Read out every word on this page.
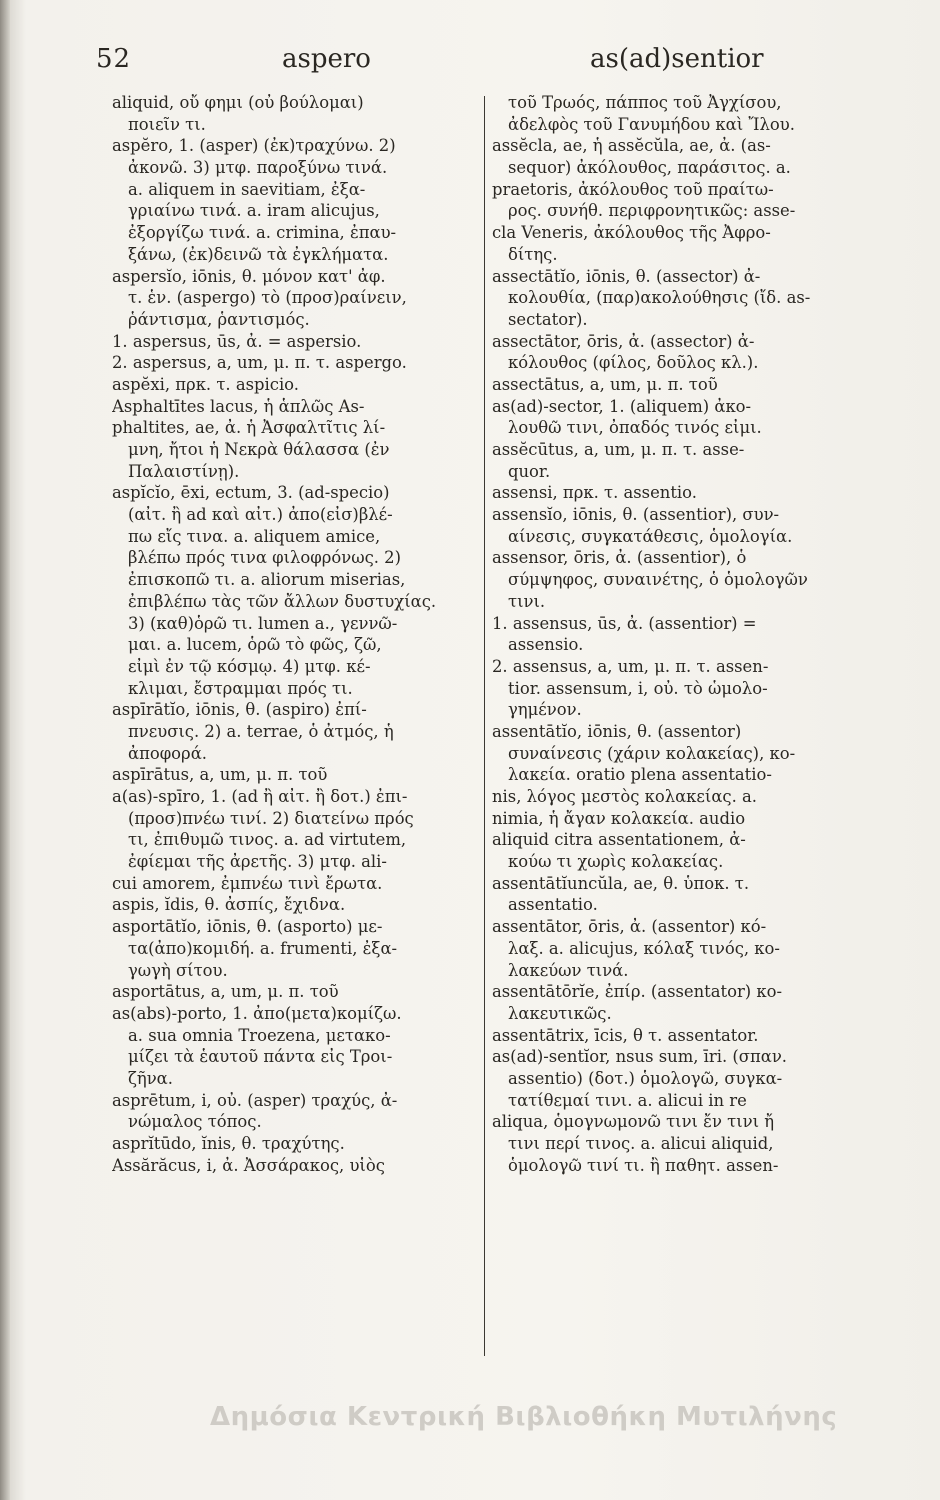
52	aspero	as(ad)sentior
aliquid, οὔ φημι (οὐ βούλομαι)
ποιεῖν τι.
aspĕro, 1. (asper) (ἐκ)τραχύνω. 2)
ἀκονῶ. 3) μτφ. παροξύνω τινά.
a. aliquem in saevitiam, ἐξα-
γριαίνω τινά. a. iram alicujus,
ἐξοργίζω τινά. a. crimina, ἐπαυ-
ξάνω, (ἐκ)δεινῶ τὰ ἐγκλήματα.
aspersĭo, iōnis, θ. μόνον κατ' ἀφ.
τ. ἑν. (aspergo) τὸ (προσ)ραίνειν,
ῥάντισμα, ῥαντισμός.
1. aspersus, ūs, ἀ. = aspersio.
2. aspersus, a, um, μ. π. τ. aspergo.
aspĕxi, πρκ. τ. aspicio.
Asphaltītes lacus, ἡ ἁπλῶς As-
phaltites, ae, ἀ. ἡ Ἀσφαλτῖτις λί-
μνη, ἤτοι ἡ Νεκρὰ θάλασσα (ἐν
Παλαιστίνῃ).
aspĭcĭo, ēxi, ectum, 3. (ad-specio)
(αἰτ. ἢ ad καὶ αἰτ.) ἀπο(εἰσ)βλέ-
πω εἴς τινα. a. aliquem amice,
βλέπω πρός τινα φιλοφρόνως. 2)
ἐπισκοπῶ τι. a. aliorum miserias,
ἐπιβλέπω τὰς τῶν ἄλλων δυστυχίας.
3) (καθ)ὁρῶ τι. lumen a., γεννῶ-
μαι. a. lucem, ὁρῶ τὸ φῶς, ζῶ,
εἰμὶ ἐν τῷ κόσμῳ. 4) μτφ. κέ-
κλιμαι, ἔστραμμαι πρός τι.
aspīrātĭo, iōnis, θ. (aspiro) ἐπί-
πνευσις. 2) a. terrae, ὁ ἀτμός, ἡ
ἀποφορά.
aspīrātus, a, um, μ. π. τοῦ
a(as)-spīro, 1. (ad ἢ αἰτ. ἢ δοτ.) ἐπι-
(προσ)πνέω τινί. 2) διατείνω πρός
τι, ἐπιθυμῶ τινος. a. ad virtutem,
ἐφίεμαι τῆς ἀρετῆς. 3) μτφ. ali-
cui amorem, ἐμπνέω τινὶ ἔρωτα.
aspis, ĭdis, θ. ἀσπίς, ἔχιδνα.
asportātĭo, iōnis, θ. (asporto) με-
τα(ἀπο)κομιδή. a. frumenti, ἐξα-
γωγὴ σίτου.
asportātus, a, um, μ. π. τοῦ
as(abs)-porto, 1. ἀπο(μετα)κομίζω.
a. sua omnia Troezena, μετακο-
μίζει τὰ ἑαυτοῦ πάντα εἰς Τροι-
ζῆνα.
asprētum, i, οὐ. (asper) τραχύς, ἀ-
νώμαλος τόπος.
asprĭtūdo, ĭnis, θ. τραχύτης.
Assărăcus, i, ἀ. Ἀσσάρακος, υἱὸς
τοῦ Τρωός, πάππος τοῦ Ἀγχίσου,
ἀδελφὸς τοῦ Γανυμήδου καὶ Ἴλου.
assĕcla, ae, ἡ assĕcŭla, ae, ἀ. (as-
sequor) ἀκόλουθος, παράσιτος. a.
praetoris, ἀκόλουθος τοῦ πραίτω-
ρος. συνήθ. περιφρονητικῶς: asse-
cla Veneris, ἀκόλουθος τῆς Ἀφρο-
δίτης.
assectātĭo, iōnis, θ. (assector) ἀ-
κολουθία, (παρ)ακολούθησις (ἴδ. as-
sectator).
assectātor, ōris, ἀ. (assector) ἀ-
κόλουθος (φίλος, δοῦλος κλ.).
assectātus, a, um, μ. π. τοῦ
as(ad)-sector, 1. (aliquem) ἀκο-
λουθῶ τινι, ὀπαδός τινός εἰμι.
assĕcūtus, a, um, μ. π. τ. asse-
quor.
assensi, πρκ. τ. assentio.
assensĭo, iōnis, θ. (assentior), συν-
αίνεσις, συγκατάθεσις, ὁμολογία.
assensor, ōris, ἀ. (assentior), ὁ
σύμψηφος, συναινέτης, ὁ ὁμολογῶν
τινι.
1. assensus, ūs, ἀ. (assentior) =
assensio.
2. assensus, a, um, μ. π. τ. assen-
tior. assensum, i, οὐ. τὸ ὡμολο-
γημένον.
assentātĭo, iōnis, θ. (assentor)
συναίνεσις (χάριν κολακείας), κο-
λακεία. oratio plena assentatio-
nis, λόγος μεστὸς κολακείας. a.
nimia, ἡ ἄγαν κολακεία. audio
aliquid citra assentationem, ἀ-
κούω τι χωρὶς κολακείας.
assentātĭuncŭla, ae, θ. ὑποκ. τ.
assentatio.
assentātor, ōris, ἀ. (assentor) κό-
λαξ. a. alicujus, κόλαξ τινός, κο-
λακεύων τινά.
assentātōrĭe, ἐπίρ. (assentator) κο-
λακευτικῶς.
assentātrix, īcis, θ τ. assentator.
as(ad)-sentĭor, nsus sum, īri. (σπαν.
assentio) (δοτ.) ὁμολογῶ, συγκα-
τατίθεμαί τινι. a. alicui in re
aliqua, ὁμογνωμονῶ τινι ἔν τινι ἤ
τινι περί τινος. a. alicui aliquid,
ὁμολογῶ τινί τι. ἢ παθητ. assen-
Δημόσια Κεντρική Βιβλιοθήκη Μυτιλήνης
